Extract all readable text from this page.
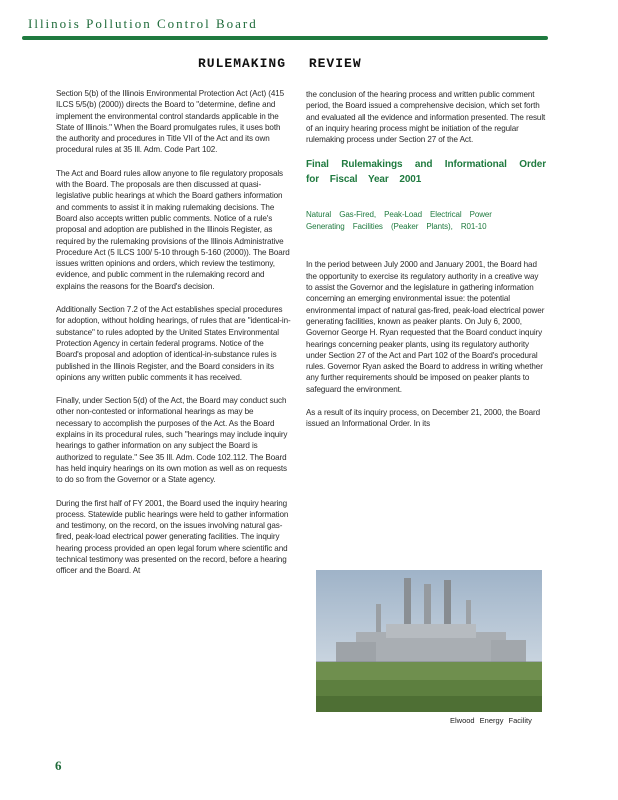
Illinois Pollution Control Board
RULEMAKING REVIEW

Section 5(b) of the Illinois Environmental Protection Act (Act) (415 ILCS 5/5(b) (2000)) directs the Board to "determine, define and implement the environmental control standards applicable in the State of Illinois." When the Board promulgates rules, it uses both the authority and procedures in Title VII of the Act and its own procedural rules at 35 Ill. Adm. Code Part 102.

The Act and Board rules allow anyone to file regulatory proposals with the Board. The proposals are then discussed at quasi-legislative public hearings at which the Board gathers information and comments to assist it in making rulemaking decisions. The Board also accepts written public comments. Notice of a rule's proposal and adoption are published in the Illinois Register, as required by the rulemaking provisions of the Illinois Administrative Procedure Act (5 ILCS 100/ 5-10 through 5-160 (2000)). The Board issues written opinions and orders, which review the testimony, evidence, and public comment in the rulemaking record and explains the reasons for the Board's decision.

Additionally Section 7.2 of the Act establishes special procedures for adoption, without holding hearings, of rules that are "identical-in-substance" to rules adopted by the United States Environmental Protection Agency in certain federal programs. Notice of the Board's proposal and adoption of identical-in-substance rules is published in the Illinois Register, and the Board considers in its opinions any written public comments it has received.

Finally, under Section 5(d) of the Act, the Board may conduct such other non-contested or informational hearings as may be necessary to accomplish the purposes of the Act. As the Board explains in its procedural rules, such "hearings may include inquiry hearings to gather information on any subject the Board is authorized to regulate." See 35 Ill. Adm. Code 102.112. The Board has held inquiry hearings on its own motion as well as on requests to do so from the Governor or a State agency.

During the first half of FY 2001, the Board used the inquiry hearing process. Statewide public hearings were held to gather information and testimony, on the record, on the issues involving natural gas-fired, peak-load electrical power generating facilities. The inquiry hearing process provided an open legal forum where scientific and technical testimony was presented on the record, before a hearing officer and the Board. At

the conclusion of the hearing process and written public comment period, the Board issued a comprehensive decision, which set forth and evaluated all the evidence and information presented. The result of an inquiry hearing process might be initiation of the regular rulemaking process under Section 27 of the Act.

Final Rulemakings and Informational Order for Fiscal Year 2001
Natural Gas-Fired, Peak-Load Electrical Power Generating Facilities (Peaker Plants), R01-10

In the period between July 2000 and January 2001, the Board had the opportunity to exercise its regulatory authority in a creative way to assist the Governor and the legislature in gathering information concerning an emerging environmental issue: the potential environmental impact of natural gas-fired, peak-load electrical power generating facilities, known as peaker plants. On July 6, 2000, Governor George H. Ryan requested that the Board conduct inquiry hearings concerning peaker plants, using its regulatory authority under Section 27 of the Act and Part 102 of the Board's procedural rules. Governor Ryan asked the Board to address in writing whether any further requirements should be imposed on peaker plants to safeguard the environment.

As a result of its inquiry process, on December 21, 2000, the Board issued an Informational Order. In its

Elwood Energy Facility
6
